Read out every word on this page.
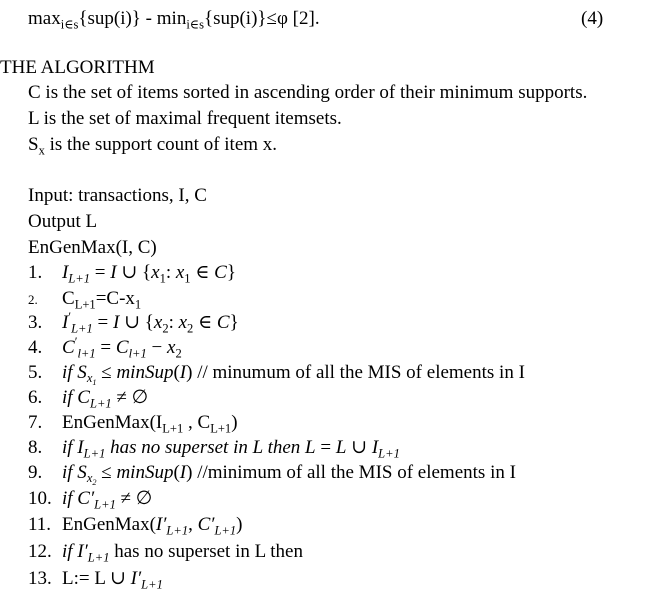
$\max_{i\in s}\{sup(i)\} - \min_{i\in s}\{sup(i)\}\le\varphi$ [2].	(4)
THE ALGORITHM
C is the set of items sorted in ascending order of their minimum supports.
L is the set of maximal frequent itemsets.
$S_x$ is the support count of item x.
Input: transactions, I, C
Output L
EnGenMax(I, C)
1. $I_{L+1} = I$ ∪ {$x_1$: $x_1$ ∈ C}
2. $C_{L+1}=C-x_1$
3. $I'_{L+1} = I$ ∪ {$x_2$: $x_2$ ∈ C}
4. $C'_{l+1} = C_{l+1} - x_2$
5. if $S_{x_1}$ ≤ minSup(I) // minumum of all the MIS of elements in I
6. if $C_{L+1}$ ≠ ∅
7. $EnGenMax(I_{L+1}$ , $C_{L+1}$)
8. if $I_{L+1}$ has no superset in L then L = L ∪ $I_{L+1}$
9. if $S_{x_2}$ ≤ minSup(I) //minimum of all the MIS of elements in I
10. if $C'_{L+1}$ ≠ ∅
11. $EnGenMax(I'_{L+1}$, $C'_{L+1}$)
12. if $I'_{L+1}$ has no superset in L then
13. L:= L ∪ $I'_{L+1}$
